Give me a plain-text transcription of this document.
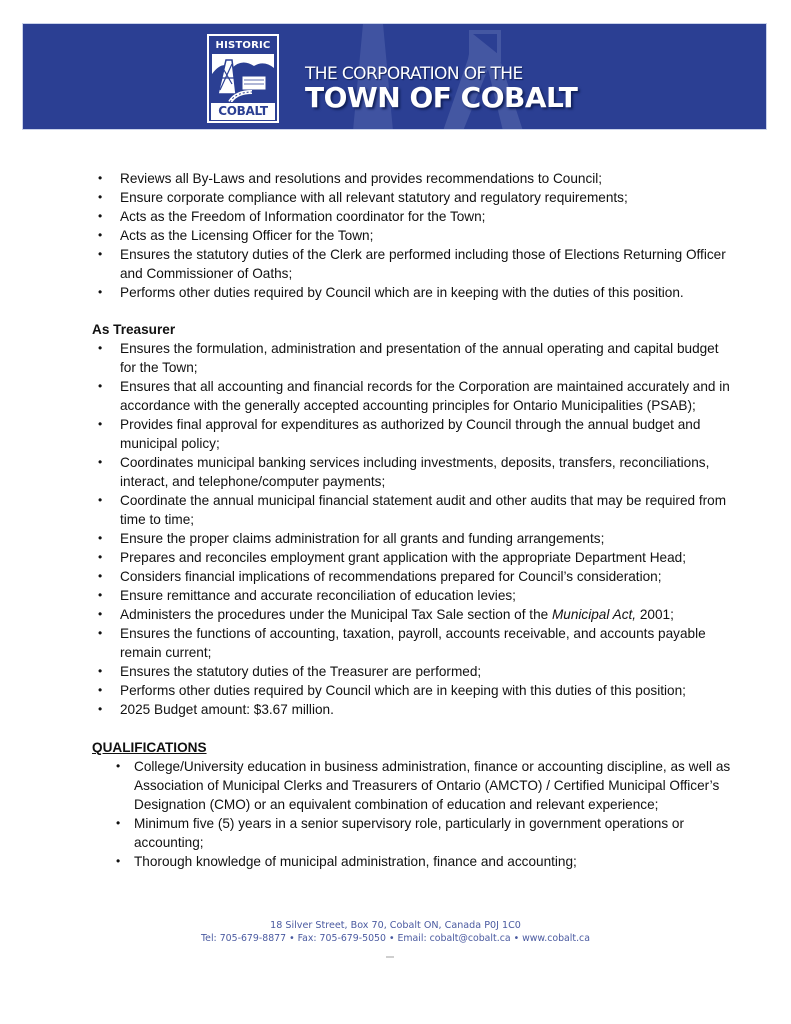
HISTORIC
COBALT
THE CORPORATION OF THE
TOWN OF COBALT
• Reviews all By-Laws and resolutions and provides recommendations to Council;
• Ensure corporate compliance with all relevant statutory and regulatory requirements;
• Acts as the Freedom of Information coordinator for the Town;
• Acts as the Licensing Officer for the Town;
• Ensures the statutory duties of the Clerk are performed including those of Elections Returning Officer and Commissioner of Oaths;
• Performs other duties required by Council which are in keeping with the duties of this position.
As Treasurer
• Ensures the formulation, administration and presentation of the annual operating and capital budget for the Town;
• Ensures that all accounting and financial records for the Corporation are maintained accurately and in accordance with the generally accepted accounting principles for Ontario Municipalities (PSAB);
• Provides final approval for expenditures as authorized by Council through the annual budget and municipal policy;
• Coordinates municipal banking services including investments, deposits, transfers, reconciliations, interact, and telephone/computer payments;
• Coordinate the annual municipal financial statement audit and other audits that may be required from time to time;
• Ensure the proper claims administration for all grants and funding arrangements;
• Prepares and reconciles employment grant application with the appropriate Department Head;
• Considers financial implications of recommendations prepared for Council’s consideration;
• Ensure remittance and accurate reconciliation of education levies;
• Administers the procedures under the Municipal Tax Sale section of the Municipal Act, 2001;
• Ensures the functions of accounting, taxation, payroll, accounts receivable, and accounts payable remain current;
• Ensures the statutory duties of the Treasurer are performed;
• Performs other duties required by Council which are in keeping with this duties of this position;
• 2025 Budget amount: $3.67 million.
QUALIFICATIONS
• College/University education in business administration, finance or accounting discipline, as well as Association of Municipal Clerks and Treasurers of Ontario (AMCTO) / Certified Municipal Officer’s Designation (CMO) or an equivalent combination of education and relevant experience;
• Minimum five (5) years in a senior supervisory role, particularly in government operations or accounting;
• Thorough knowledge of municipal administration, finance and accounting;
18 Silver Street, Box 70, Cobalt ON, Canada P0J 1C0
Tel: 705-679-8877 • Fax: 705-679-5050 • Email: cobalt@cobalt.ca • www.cobalt.ca
